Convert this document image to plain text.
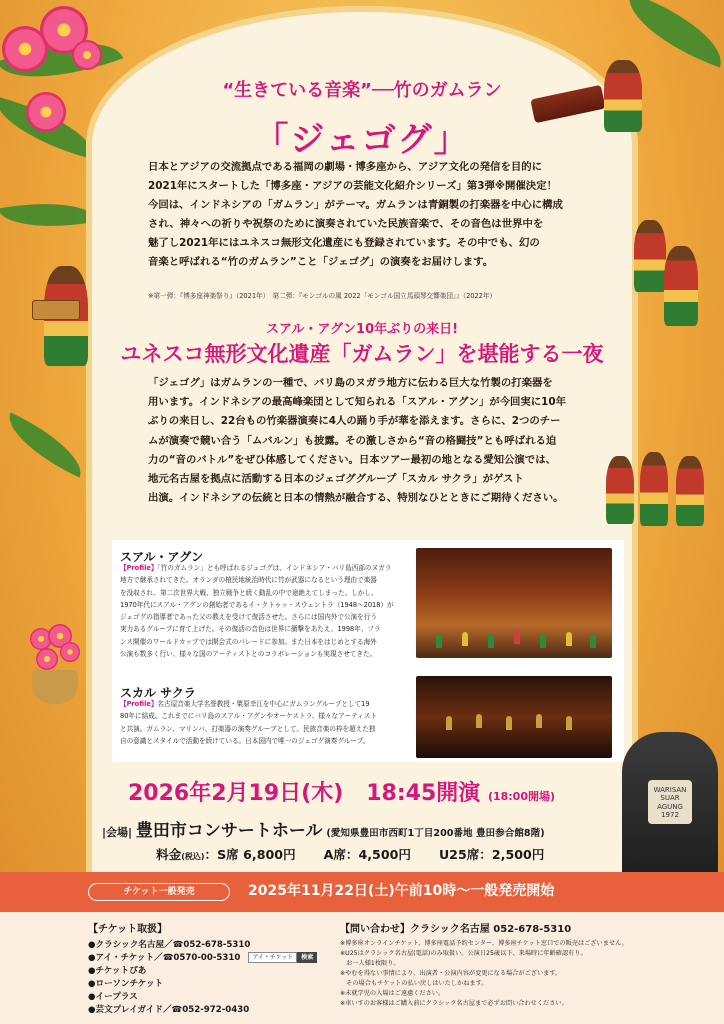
“生きている音楽”──竹のガムラン
「ジェゴグ」
日本とアジアの交流拠点である福岡の劇場・博多座から、アジア文化の発信を目的に
2021年にスタートした「博多座・アジアの芸能文化紹介シリーズ」第3弾※開催決定！
今回は、インドネシアの「ガムラン」がテーマ。ガムランは青銅製の打楽器を中心に構成
され、神々への祈りや祝祭のために演奏されていた民族音楽で、その音色は世界中を
魅了し2021年にはユネスコ無形文化遺産にも登録されています。その中でも、幻の
音楽と呼ばれる“竹のガムラン”こと「ジェゴグ」の演奏をお届けします。
※第一弾：『博多座神楽祭り』（2021年）　第二弾：『モンゴルの風 2022「モンゴル国立馬頭琴交響楽団」』（2022年）
スアル・アグン10年ぶりの来日!
ユネスコ無形文化遺産「ガムラン」を堪能する一夜
「ジェゴグ」はガムランの一種で、バリ島のヌガラ地方に伝わる巨大な竹製の打楽器を
用います。インドネシアの最高峰楽団として知られる「スアル・アグン」が今回実に10年
ぶりの来日し、22台もの竹楽器演奏に4人の踊り手が華を添えます。さらに、2つのチー
ムが演奏で競い合う「ムバルン」も披露。その激しさから“音の格闘技”とも呼ばれる迫
力の“音のバトル”をぜひ体感してください。日本ツアー最初の地となる愛知公演では、
地元名古屋を拠点に活動する日本のジェゴググループ「スカル サクラ」がゲスト
出演。インドネシアの伝統と日本の情熱が融合する、特別なひとときにご期待ください。
スアル・アグン
【Profile】「竹のガムラン」とも呼ばれるジェゴグは、インドネシア・バリ島西部のヌガラ
地方で継承されてきた。オランダの植民地統治時代に竹が武器になるという理由で楽器
を没収され、第二次世界大戦、独立戦争と続く動乱の中で途絶えてしまった。しかし、
1970年代にスアル・アグンの創始者であるイ・クトゥッ・スウェントラ（1948〜2018）が
ジェゴグの指導者であった父の教えを受けて復活させた。さらには国内外で公演を行う
実力あるグループに育て上げた。その復活の音色は世界に衝撃をあたえ、1998年、フラ
ンス開催のワールドカップでは開会式のパレードに参加。また日本をはじめとする海外
公演も数多く行い、様々な国のアーティストとのコラボレーションも実現させてきた。
スカル サクラ
【Profile】名古屋音楽大学名誉教授・粟原幸江を中心にガムラングループとして19
80年に結成。これまでにバリ島のスアル・アグンやオーケストラ、様々なアーティスト
と共演。ガムラン、マリンバ、打楽器の演奏グループとして、民族音楽の枠を超えた独
自の意識とスタイルで活動を続けている。日本国内で唯一のジェゴグ演奏グループ。
WARISAN SUAR AGUNG 1972
2026年2月19日(木) 18:45開演 (18:00開場)
|会場| 豊田市コンサートホール (愛知県豊田市西町1丁目200番地 豊田参合館8階)
料金(税込)：S席 6,800円 A席：4,500円 U25席：2,500円
チケット一般発売	2025年11月22日(土)午前10時〜一般発売開始
【チケット取扱】
●クラシック名古屋／☎052-678-5310
●アイ・チケット／☎0570-00-5310 アイ・チケット 検索
●チケットぴあ
●ローソンチケット
●イープラス
●芸文プレイガイド／☎052-972-0430
【問い合わせ】クラシック名古屋 052-678-5310
※博多座オンラインチケット、博多座電話予約センター、博多座チケット窓口での販売はございません。
※U25はクラシック名古屋(電話)のみ取扱い。公演日25歳以下、来場時に年齢確認有り。
　お一人様1枚限り。
※やむを得ない事情により、出演者・公演内容が変更になる場合がございます。
　その場合もチケットの払い戻しはいたしかねます。
※未就学児の入場はご遠慮ください。
※車いすのお客様はご購入前にクラシック名古屋まで必ずお問い合わせください。
